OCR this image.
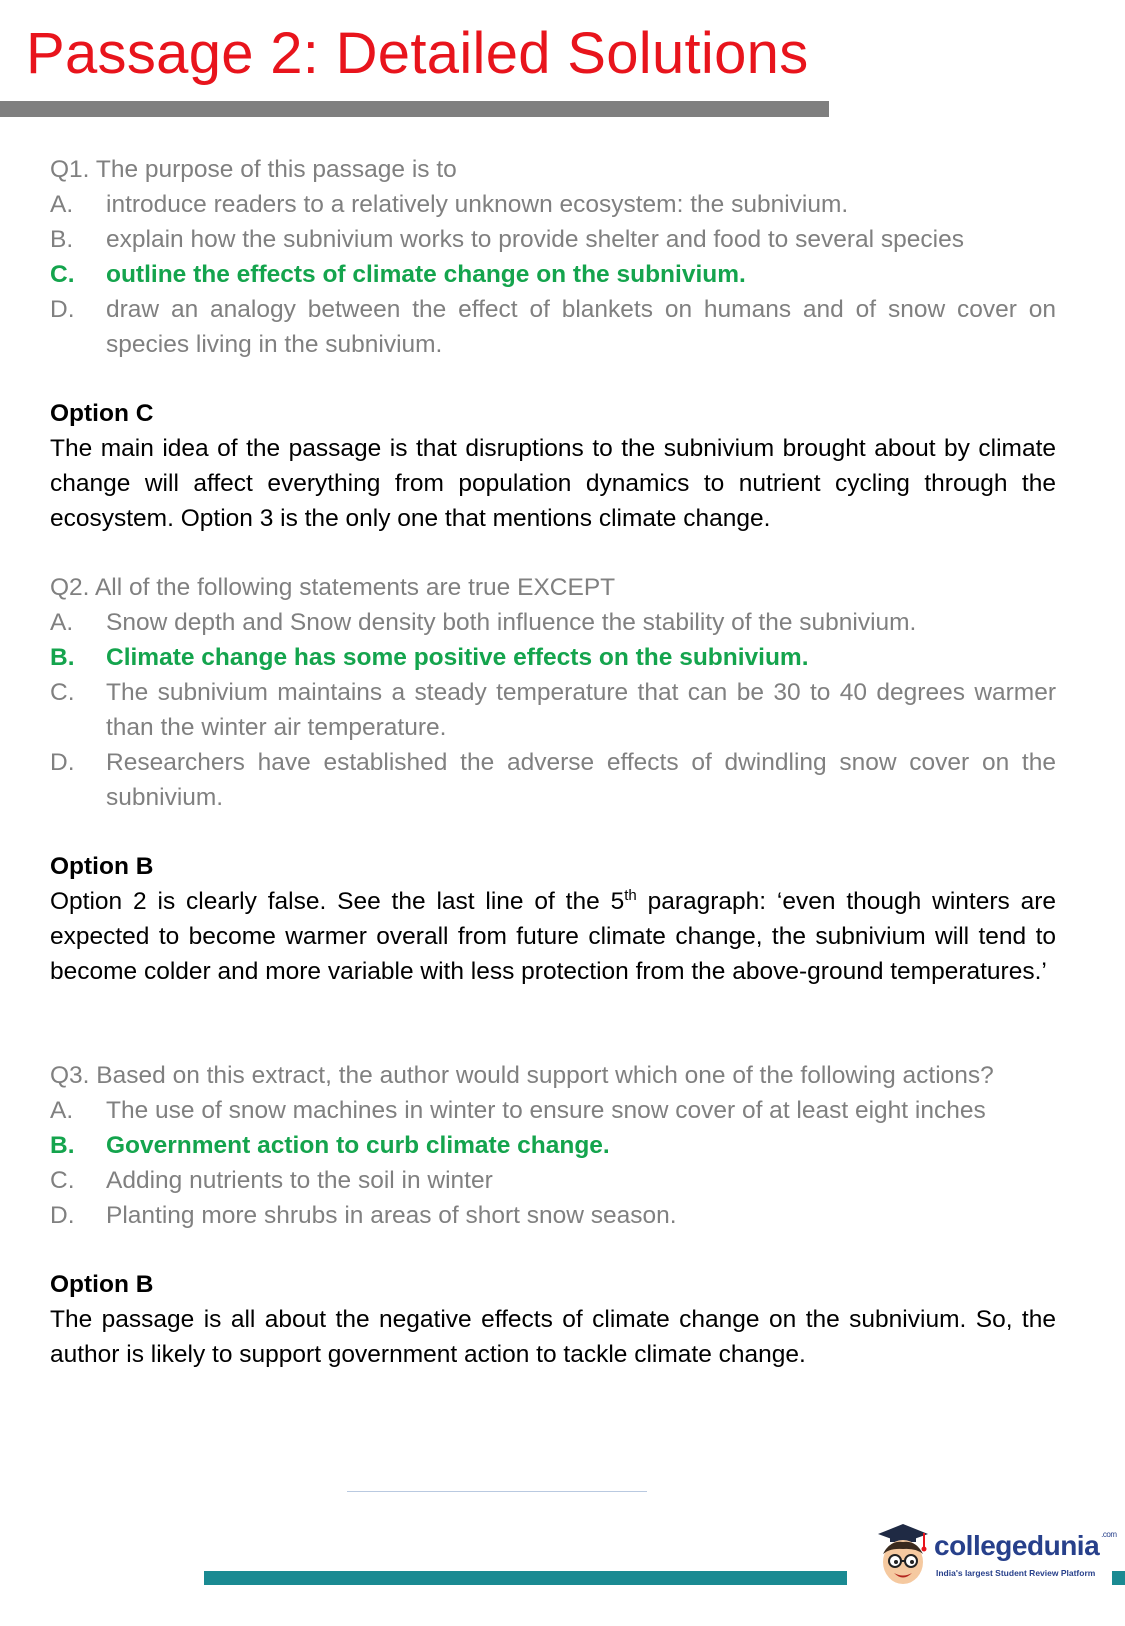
Passage 2: Detailed Solutions

Q1. The purpose of this passage is to

A.	introduce readers to a relatively unknown ecosystem: the subnivium.
B.	explain how the subnivium works to provide shelter and food to several species
C.	outline the effects of climate change on the subnivium.
D.	draw an analogy between the effect of blankets on humans and of snow cover on species living in the subnivium.
Option C
The main idea of the passage is that disruptions to the subnivium brought about by climate change will affect everything from population dynamics to nutrient cycling through the ecosystem. Option 3 is the only one that mentions climate change.

Q2. All of the following statements are true EXCEPT

A.	Snow depth and Snow density both influence the stability of the subnivium.
B.	Climate change has some positive effects on the subnivium.
C.	The subnivium maintains a steady temperature that can be 30 to 40 degrees warmer than the winter air temperature.
D.	Researchers have established the adverse effects of dwindling snow cover on the subnivium.
Option B
Option 2 is clearly false. See the last line of the 5th paragraph: ‘even though winters are expected to become warmer overall from future climate change, the subnivium will tend to become colder and more variable with less protection from the above-ground temperatures.’

Q3. Based on this extract, the author would support which one of the following actions?

A.	The use of snow machines in winter to ensure snow cover of at least eight inches
B.	Government action to curb climate change.
C.	Adding nutrients to the soil in winter
D.	Planting more shrubs in areas of short snow season.
Option B
The passage is all about the negative effects of climate change on the subnivium. So, the author is likely to support government action to tackle climate change.
collegedunia $^{.com}$
India's largest Student Review Platform
